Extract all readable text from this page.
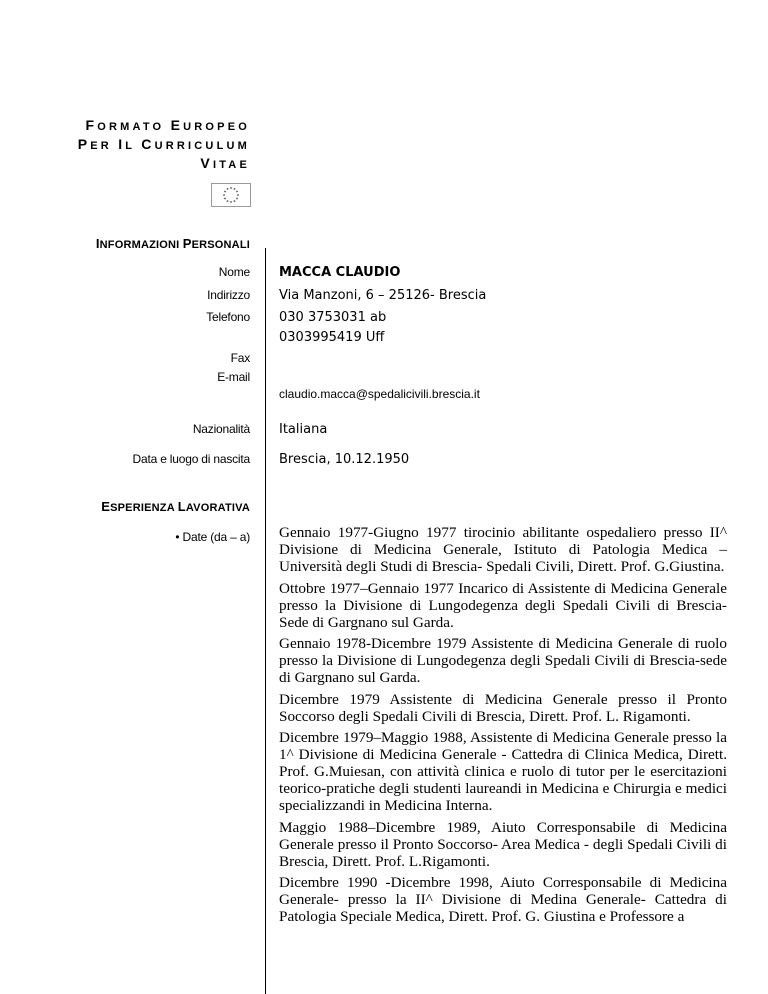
FORMATO EUROPEO
PER IL CURRICULUM
VITAE
INFORMAZIONI PERSONALI
Nome MACCA CLAUDIO
Indirizzo Via Manzoni, 6 – 25126- Brescia
Telefono 030 3753031 ab
0303995419 Uff
Fax
E-mail
claudio.macca@spedalicivili.brescia.it
Nazionalità Italiana
Data e luogo di nascita Brescia, 10.12.1950
ESPERIENZA LAVORATIVA
• Date (da – a) Gennaio 1977-Giugno 1977 tirocinio abilitante ospedaliero presso II^ Divisione di Medicina Generale, Istituto di Patologia Medica – Università degli Studi di Brescia- Spedali Civili, Dirett. Prof. G.Giustina.

Ottobre 1977–Gennaio 1977 Incarico di Assistente di Medicina Generale presso la Divisione di Lungodegenza degli Spedali Civili di Brescia- Sede di Gargnano sul Garda.

Gennaio 1978-Dicembre 1979 Assistente di Medicina Generale di ruolo presso la Divisione di Lungodegenza degli Spedali Civili di Brescia-sede di Gargnano sul Garda.

Dicembre 1979 Assistente di Medicina Generale presso il Pronto Soccorso degli Spedali Civili di Brescia, Dirett. Prof. L. Rigamonti.

Dicembre 1979–Maggio 1988, Assistente di Medicina Generale presso la 1^ Divisione di Medicina Generale - Cattedra di Clinica Medica, Dirett. Prof. G.Muiesan, con attività clinica e ruolo di tutor per le esercitazioni teorico-pratiche degli studenti laureandi in Medicina e Chirurgia e medici specializzandi in Medicina Interna.

Maggio 1988–Dicembre 1989, Aiuto Corresponsabile di Medicina Generale presso il Pronto Soccorso- Area Medica - degli Spedali Civili di Brescia, Dirett. Prof. L.Rigamonti.

Dicembre 1990 -Dicembre 1998, Aiuto Corresponsabile di Medicina Generale- presso la II^ Divisione di Medina Generale- Cattedra di Patologia Speciale Medica, Dirett. Prof. G. Giustina e Professore a
